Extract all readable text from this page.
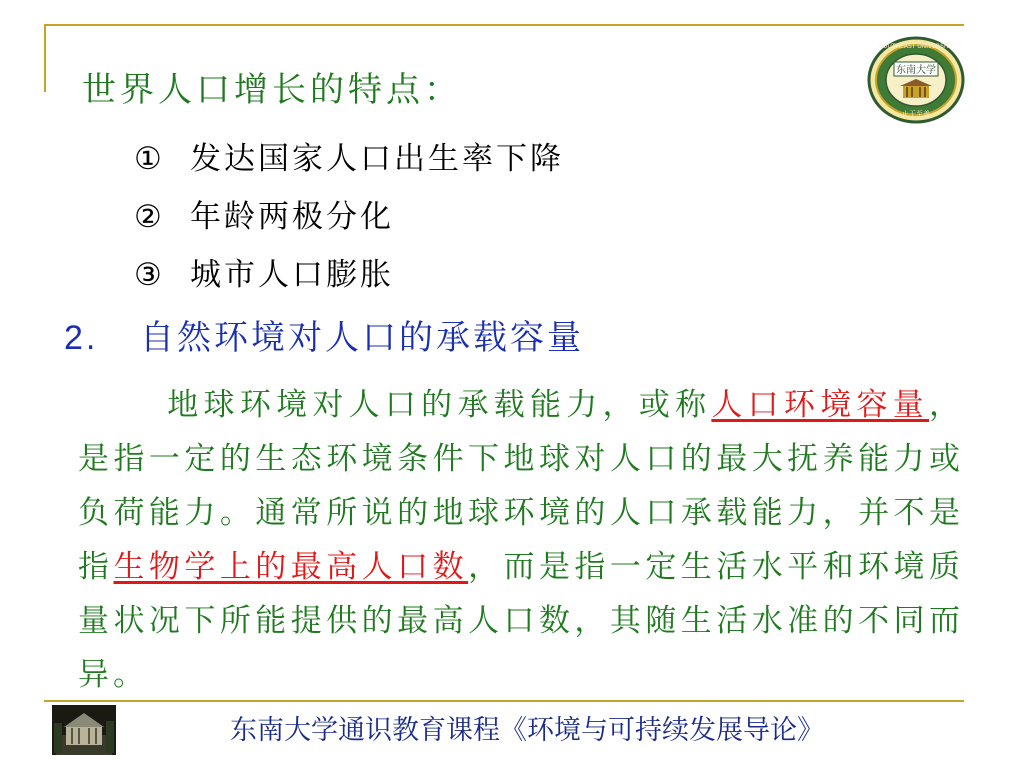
东南大学
止于至善
SOUTHEAST UNIVERSITY
世界人口增长的特点：
① 发达国家人口出生率下降
② 年龄两极分化
③ 城市人口膨胀
2. 自然环境对人口的承载容量

地球环境对人口的承载能力，或称人口环境容量，是指一定的生态环境条件下地球对人口的最大抚养能力或负荷能力。通常所说的地球环境的人口承载能力，并不是指生物学上的最高人口数，而是指一定生活水平和环境质量状况下所能提供的最高人口数，其随生活水准的不同而异。

东南大学通识教育课程《环境与可持续发展导论》
